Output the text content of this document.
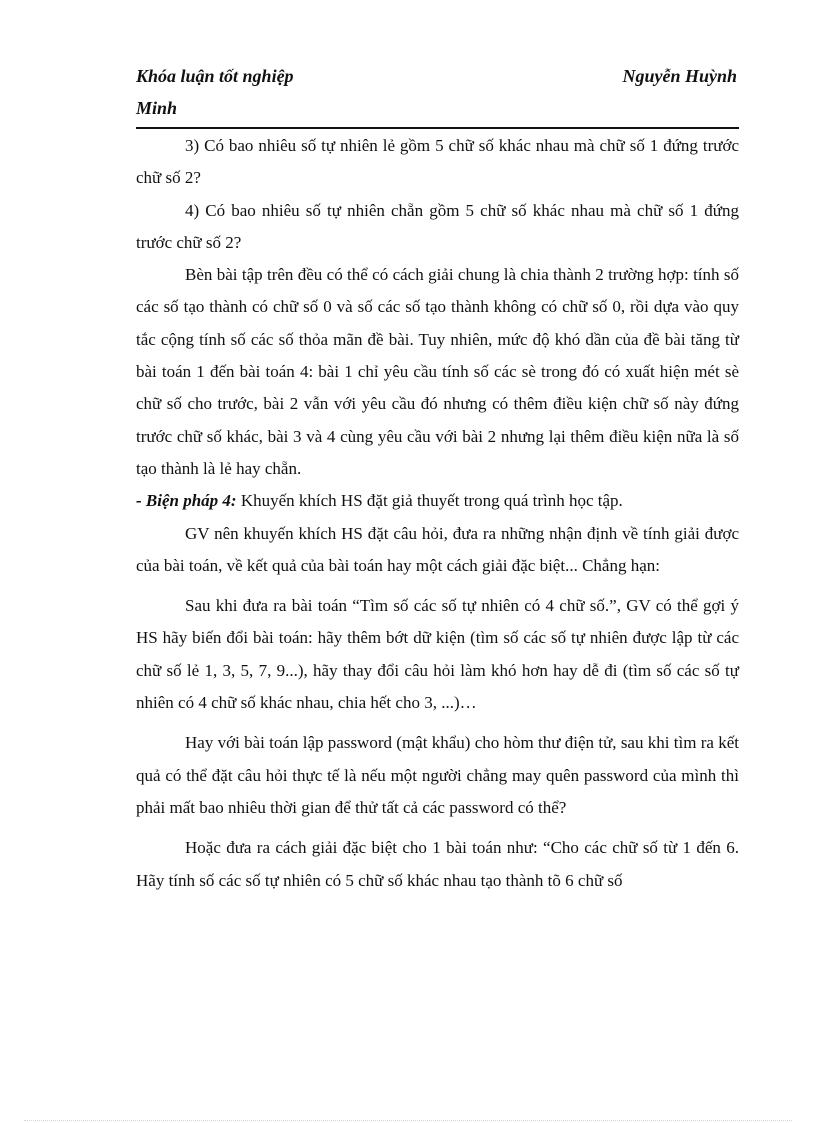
Khóa luận tốt nghiệp	Nguyễn Huỳnh
Minh

3) Có bao nhiêu số tự nhiên lẻ gồm 5 chữ số khác nhau mà chữ số 1 đứng trước chữ số 2?

4) Có bao nhiêu số tự nhiên chẵn gồm 5 chữ số khác nhau mà chữ số 1 đứng trước chữ số 2?

Bèn bài tập trên đều có thể có cách giải chung là chia thành 2 trường hợp: tính số các số tạo thành có chữ số 0 và số các số tạo thành không có chữ số 0, rồi dựa vào quy tắc cộng tính số các số thỏa mãn đề bài. Tuy nhiên, mức độ khó dần của đề bài tăng từ bài toán 1 đến bài toán 4: bài 1 chỉ yêu cầu tính số các sè trong đó có xuất hiện mét sè chữ số cho trước, bài 2 vẫn với yêu cầu đó nhưng có thêm điều kiện chữ số này đứng trước chữ số khác, bài 3 và 4 cùng yêu cầu với bài 2 nhưng lại thêm điều kiện nữa là số tạo thành là lẻ hay chẵn.

- Biện pháp 4: Khuyến khích HS đặt giả thuyết trong quá trình học tập.

GV nên khuyến khích HS đặt câu hỏi, đưa ra những nhận định về tính giải được của bài toán, về kết quả của bài toán hay một cách giải đặc biệt... Chẳng hạn:

Sau khi đưa ra bài toán “Tìm số các số tự nhiên có 4 chữ số.”, GV có thể gợi ý HS hãy biến đổi bài toán: hãy thêm bớt dữ kiện (tìm số các số tự nhiên được lập từ các chữ số lẻ 1, 3, 5, 7, 9...), hãy thay đổi câu hỏi làm khó hơn hay dễ đi (tìm số các số tự nhiên có 4 chữ số khác nhau, chia hết cho 3, ...)…

Hay với bài toán lập password (mật khẩu) cho hòm thư điện tử, sau khi tìm ra kết quả có thể đặt câu hỏi thực tế là nếu một người chẳng may quên password của mình thì phải mất bao nhiêu thời gian để thử tất cả các password có thể?

Hoặc đưa ra cách giải đặc biệt cho 1 bài toán như: “Cho các chữ số từ 1 đến 6. Hãy tính số các số tự nhiên có 5 chữ số khác nhau tạo thành tõ 6 chữ số
